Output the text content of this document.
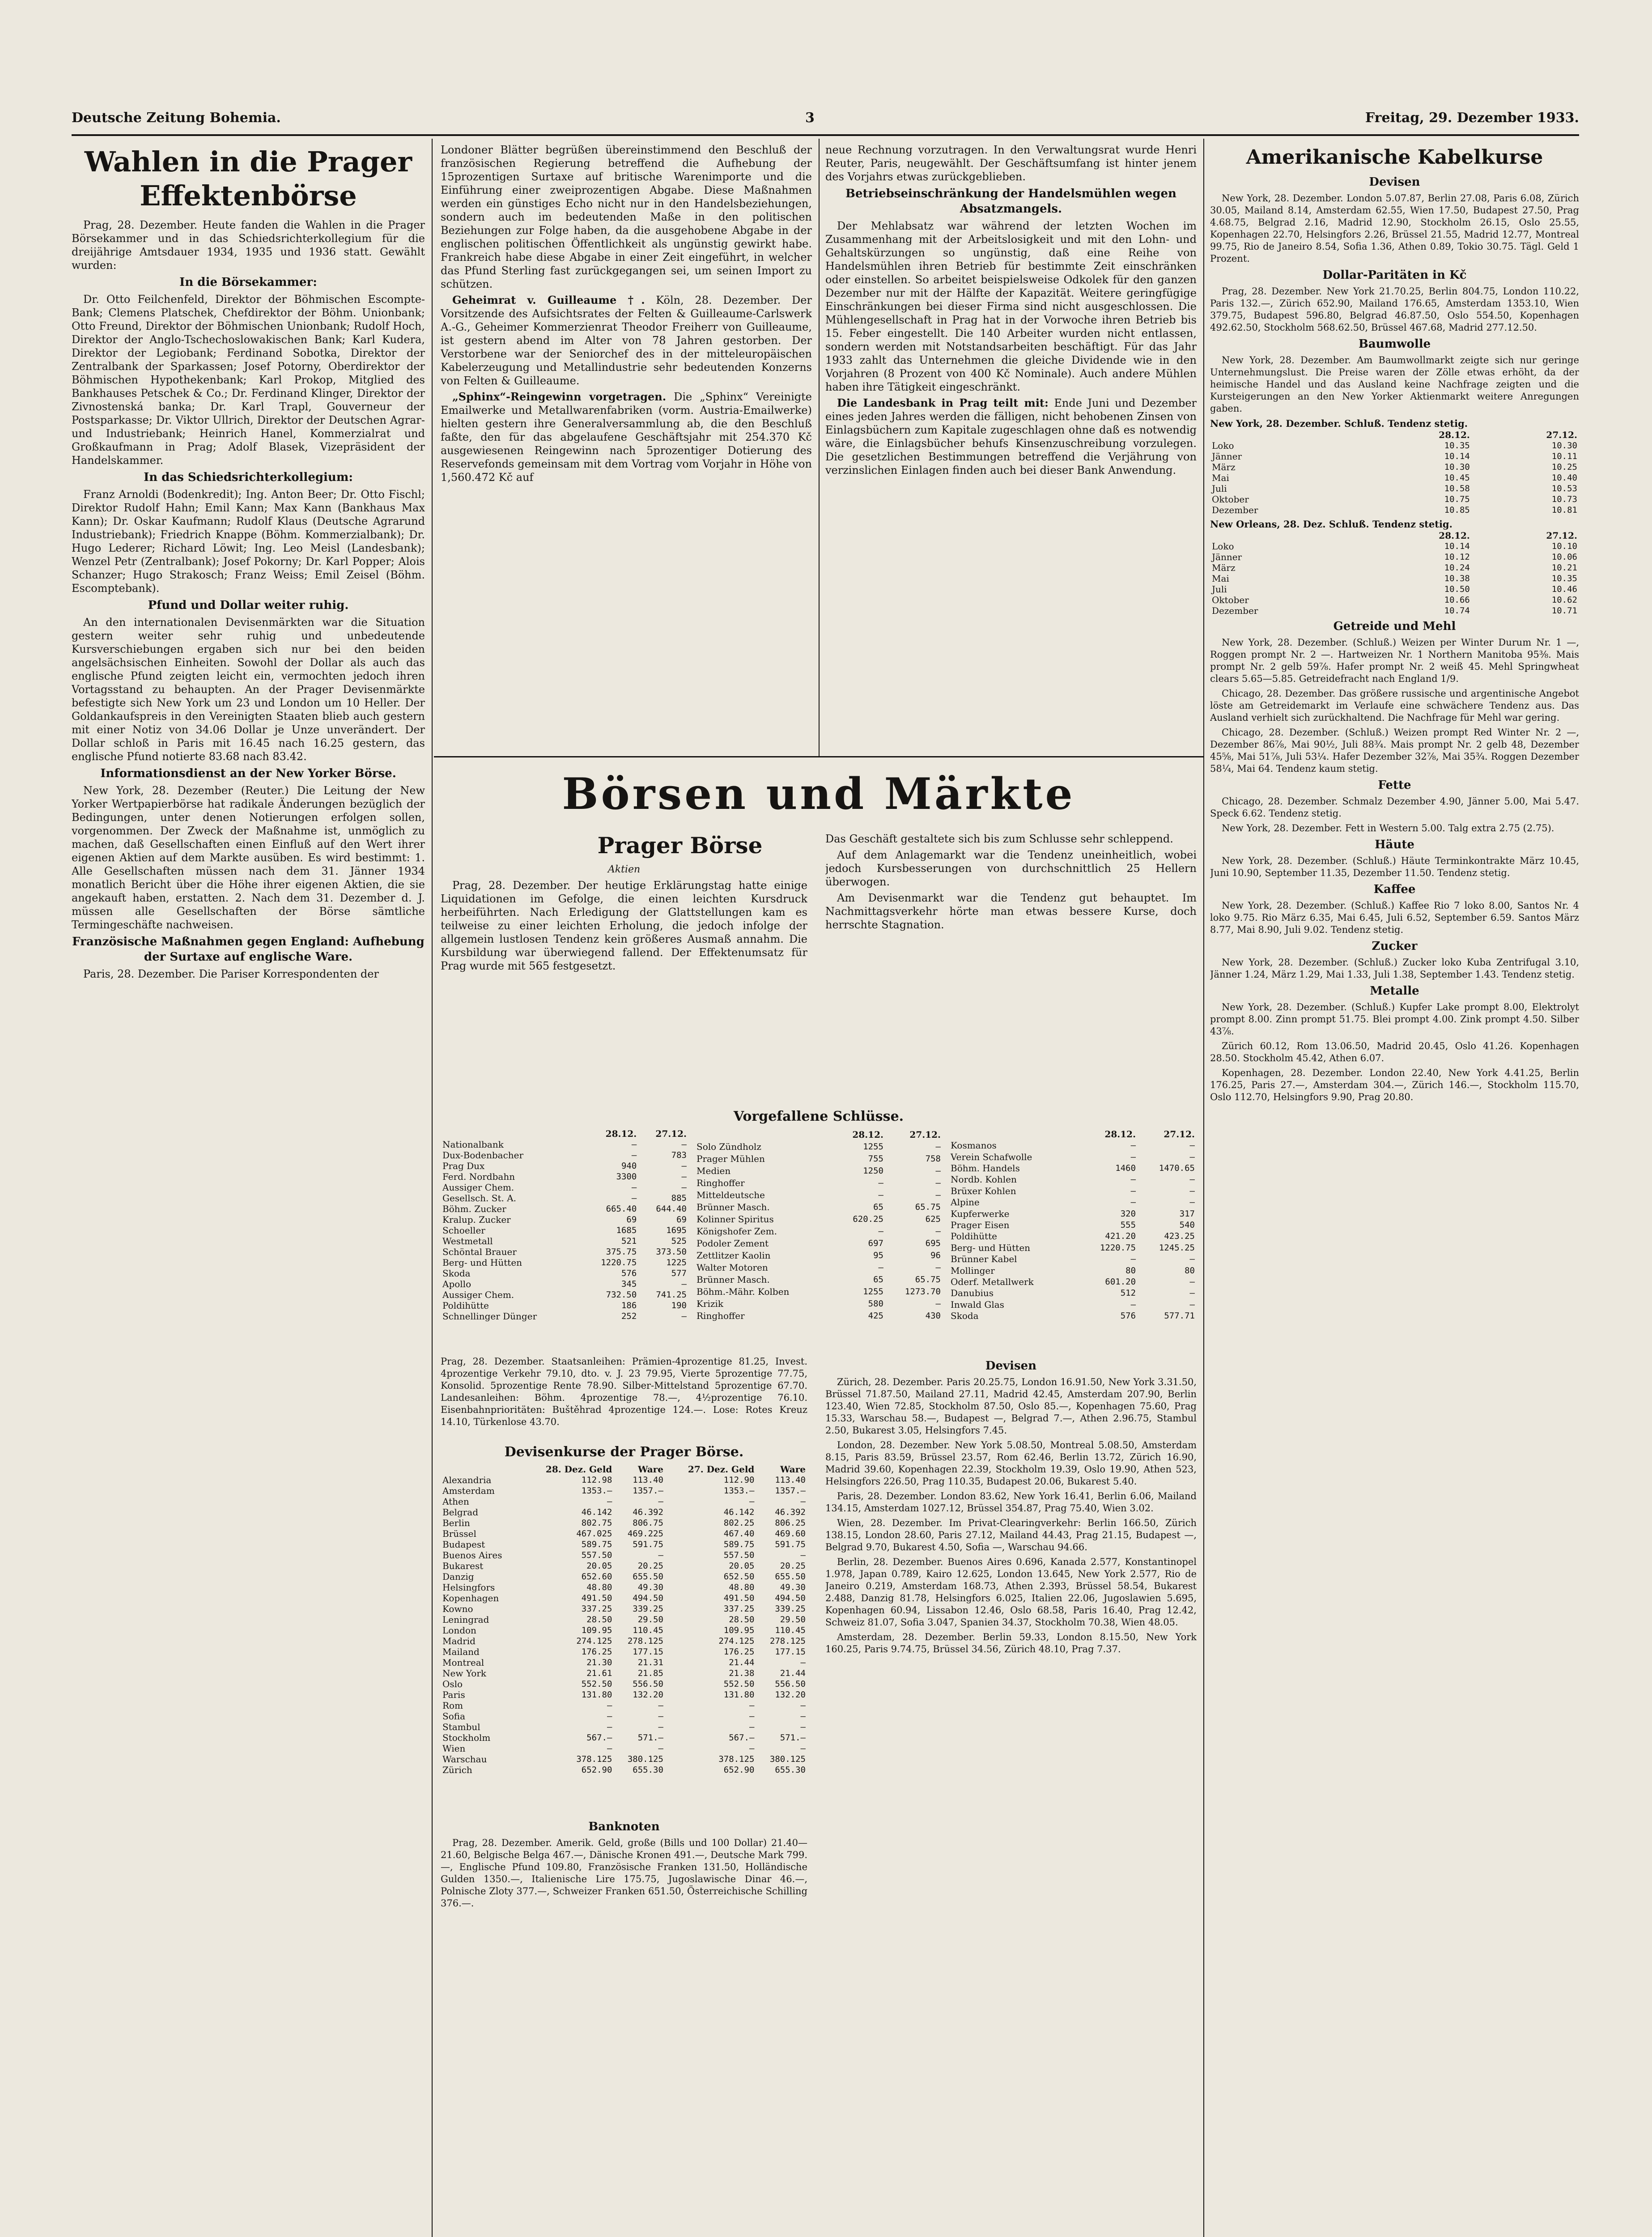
Deutsche Zeitung Bohemia.	3	Freitag, 29. Dezember 1933.
Wahlen in die Prager Effektenbörse

Prag, 28. Dezember. Heute fanden die Wahlen in die Prager Börsekammer und in das Schiedsrichterkollegium für die dreijährige Amtsdauer 1934, 1935 und 1936 statt. Gewählt wurden:

In die Börsekammer:

Dr. Otto Feilchenfeld, Direktor der Böhmischen Escompte-Bank; Clemens Platschek, Chefdirektor der Böhm. Unionbank; Otto Freund, Direktor der Böhmischen Unionbank; Rudolf Hoch, Direktor der Anglo-Tschechoslowakischen Bank; Karl Kudera, Direktor der Legiobank; Ferdinand Sobotka, Direktor der Zentralbank der Sparkassen; Josef Potorny, Oberdirektor der Böhmischen Hypothekenbank; Karl Prokop, Mitglied des Bankhauses Petschek & Co.; Dr. Ferdinand Klinger, Direktor der Zivnostenská banka; Dr. Karl Trapl, Gouverneur der Postsparkasse; Dr. Viktor Ullrich, Direktor der Deutschen Agrar- und Industriebank; Heinrich Hanel, Kommerzialrat und Großkaufmann in Prag; Adolf Blasek, Vizepräsident der Handelskammer.

In das Schiedsrichterkollegium:

Franz Arnoldi (Bodenkredit); Ing. Anton Beer; Dr. Otto Fischl; Direktor Rudolf Hahn; Emil Kann; Max Kann (Bankhaus Max Kann); Dr. Oskar Kaufmann; Rudolf Klaus (Deutsche Agrarund Industriebank); Friedrich Knappe (Böhm. Kommerzialbank); Dr. Hugo Lederer; Richard Löwit; Ing. Leo Meisl (Landesbank); Wenzel Petr (Zentralbank); Josef Pokorny; Dr. Karl Popper; Alois Schanzer; Hugo Strakosch; Franz Weiss; Emil Zeisel (Böhm. Escomptebank).

Pfund und Dollar weiter ruhig.

An den internationalen Devisenmärkten war die Situation gestern weiter sehr ruhig und unbedeutende Kursverschiebungen ergaben sich nur bei den beiden angelsächsischen Einheiten. Sowohl der Dollar als auch das englische Pfund zeigten leicht ein, vermochten jedoch ihren Vortagsstand zu behaupten. An der Prager Devisenmärkte befestigte sich New York um 23 und London um 10 Heller. Der Goldankaufspreis in den Vereinigten Staaten blieb auch gestern mit einer Notiz von 34.06 Dollar je Unze unverändert. Der Dollar schloß in Paris mit 16.45 nach 16.25 gestern, das englische Pfund notierte 83.68 nach 83.42.

Informationsdienst an der New Yorker Börse.

New York, 28. Dezember (Reuter.) Die Leitung der New Yorker Wertpapierbörse hat radikale Änderungen bezüglich der Bedingungen, unter denen Notierungen erfolgen sollen, vorgenommen. Der Zweck der Maßnahme ist, unmöglich zu machen, daß Gesellschaften einen Einfluß auf den Wert ihrer eigenen Aktien auf dem Markte ausüben. Es wird bestimmt: 1. Alle Gesellschaften müssen nach dem 31. Jänner 1934 monatlich Bericht über die Höhe ihrer eigenen Aktien, die sie angekauft haben, erstatten. 2. Nach dem 31. Dezember d. J. müssen alle Gesellschaften der Börse sämtliche Termingeschäfte nachweisen.

Französische Maßnahmen gegen England: Aufhebung der Surtaxe auf englische Ware.

Paris, 28. Dezember. Die Pariser Korrespondenten der

Londoner Blätter begrüßen übereinstimmend den Beschluß der französischen Regierung betreffend die Aufhebung der 15prozentigen Surtaxe auf britische Warenimporte und die Einführung einer zweiprozentigen Abgabe. Diese Maßnahmen werden ein günstiges Echo nicht nur in den Handelsbeziehungen, sondern auch im bedeutenden Maße in den politischen Beziehungen zur Folge haben, da die ausgehobene Abgabe in der englischen politischen Öffentlichkeit als ungünstig gewirkt habe. Frankreich habe diese Abgabe in einer Zeit eingeführt, in welcher das Pfund Sterling fast zurückgegangen sei, um seinen Import zu schützen.

Geheimrat v. Guilleaume †. Köln, 28. Dezember. Der Vorsitzende des Aufsichtsrates der Felten & Guilleaume-Carlswerk A.-G., Geheimer Kommerzienrat Theodor Freiherr von Guilleaume, ist gestern abend im Alter von 78 Jahren gestorben. Der Verstorbene war der Seniorchef des in der mitteleuropäischen Kabelerzeugung und Metallindustrie sehr bedeutenden Konzerns von Felten & Guilleaume.

„Sphinx“-Reingewinn vorgetragen. Die „Sphinx“ Vereinigte Emailwerke und Metallwarenfabriken (vorm. Austria-Emailwerke) hielten gestern ihre Generalversammlung ab, die den Beschluß faßte, den für das abgelaufene Geschäftsjahr mit 254.370 Kč ausgewiesenen Reingewinn nach 5prozentiger Dotierung des Reservefonds gemeinsam mit dem Vortrag vom Vorjahr in Höhe von 1,560.472 Kč auf

neue Rechnung vorzutragen. In den Verwaltungsrat wurde Henri Reuter, Paris, neugewählt. Der Geschäftsumfang ist hinter jenem des Vorjahrs etwas zurückgeblieben.

Betriebseinschränkung der Handelsmühlen wegen Absatzmangels.

Der Mehlabsatz war während der letzten Wochen im Zusammenhang mit der Arbeitslosigkeit und mit den Lohn- und Gehaltskürzungen so ungünstig, daß eine Reihe von Handelsmühlen ihren Betrieb für bestimmte Zeit einschränken oder einstellen. So arbeitet beispielsweise Odkolek für den ganzen Dezember nur mit der Hälfte der Kapazität. Weitere geringfügige Einschränkungen bei dieser Firma sind nicht ausgeschlossen. Die Mühlengesellschaft in Prag hat in der Vorwoche ihren Betrieb bis 15. Feber eingestellt. Die 140 Arbeiter wurden nicht entlassen, sondern werden mit Notstandsarbeiten beschäftigt. Für das Jahr 1933 zahlt das Unternehmen die gleiche Dividende wie in den Vorjahren (8 Prozent von 400 Kč Nominale). Auch andere Mühlen haben ihre Tätigkeit eingeschränkt.

Die Landesbank in Prag teilt mit: Ende Juni und Dezember eines jeden Jahres werden die fälligen, nicht behobenen Zinsen von Einlagsbüchern zum Kapitale zugeschlagen ohne daß es notwendig wäre, die Einlagsbücher behufs Kinsenzuschreibung vorzulegen. Die gesetzlichen Bestimmungen betreffend die Verjährung von verzinslichen Einlagen finden auch bei dieser Bank Anwendung.

Börsen und Märkte
Prager Börse
Aktien

Prag, 28. Dezember. Der heutige Erklärungstag hatte einige Liquidationen im Gefolge, die einen leichten Kursdruck herbeiführten. Nach Erledigung der Glattstellungen kam es teilweise zu einer leichten Erholung, die jedoch infolge der allgemein lustlosen Tendenz kein größeres Ausmaß annahm. Die Kursbildung war überwiegend fallend. Der Effektenumsatz für Prag wurde mit 565 festgesetzt.

Das Geschäft gestaltete sich bis zum Schlusse sehr schleppend.

Auf dem Anlagemarkt war die Tendenz uneinheitlich, wobei jedoch Kursbesserungen von durchschnittlich 25 Hellern überwogen.

Am Devisenmarkt war die Tendenz gut behauptet. Im Nachmittagsverkehr hörte man etwas bessere Kurse, doch herrschte Stagnation.

Vorgefallene Schlüsse.
	28.12.	27.12.
Nationalbank	—	—
Dux-Bodenbacher	—	783
Prag Dux	940	—
Ferd. Nordbahn	3300	—
Aussiger Chem.	—	—
Gesellsch. St. A.	—	885
Böhm. Zucker	665.40	644.40
Kralup. Zucker	69	69
Schoeller	1685	1695
Westmetall	521	525
Schöntal Brauer	375.75	373.50
Berg- und Hütten	1220.75	1225
Skoda	576	577
Apollo	345	—
Aussiger Chem.	732.50	741.25
Poldihütte	186	190
Schnellinger Dünger	252	—
	28.12.	27.12.
Solo Zündholz	1255	—
Prager Mühlen	755	758
Medien	1250	—
Ringhoffer	—	—
Mitteldeutsche	—	—
Brünner Masch.	65	65.75
Kolinner Spiritus	620.25	625
Königshofer Zem.	—	—
Podoler Zement	697	695
Zettlitzer Kaolin	95	96
Walter Motoren	—	—
Brünner Masch.	65	65.75
Böhm.-Mähr. Kolben	1255	1273.70
Krizik	580	—
Ringhoffer	425	430
	28.12.	27.12.
Kosmanos	—	—
Verein Schafwolle	—	—
Böhm. Handels	1460	1470.65
Nordb. Kohlen	—	—
Brüxer Kohlen	—	—
Alpine	—	—
Kupferwerke	320	317
Prager Eisen	555	540
Poldihütte	421.20	423.25
Berg- und Hütten	1220.75	1245.25
Brünner Kabel	—	—
Mollinger	80	80
Oderf. Metallwerk	601.20	—
Danubius	512	—
Inwald Glas	—	—
Skoda	576	577.71

Prag, 28. Dezember. Staatsanleihen: Prämien-4prozentige 81.25, Invest. 4prozentige Verkehr 79.10, dto. v. J. 23 79.95, Vierte 5prozentige 77.75, Konsolid. 5prozentige Rente 78.90. Silber-Mittelstand 5prozentige 67.70. Landesanleihen: Böhm. 4prozentige 78.—, 4½prozentige 76.10. Eisenbahnprioritäten: Buštěhrad 4prozentige 124.—. Lose: Rotes Kreuz 14.10, Türkenlose 43.70.

Devisenkurse der Prager Börse.
	28. Dez. Geld	Ware	27. Dez. Geld	Ware
Alexandria	112.98	113.40	112.90	113.40
Amsterdam	1353.—	1357.—	1353.—	1357.—
Athen	—	—	—	—
Belgrad	46.142	46.392	46.142	46.392
Berlin	802.75	806.75	802.25	806.25
Brüssel	467.025	469.225	467.40	469.60
Budapest	589.75	591.75	589.75	591.75
Buenos Aires	557.50	—	557.50	—
Bukarest	20.05	20.25	20.05	20.25
Danzig	652.60	655.50	652.50	655.50
Helsingfors	48.80	49.30	48.80	49.30
Kopenhagen	491.50	494.50	491.50	494.50
Kowno	337.25	339.25	337.25	339.25
Leningrad	28.50	29.50	28.50	29.50
London	109.95	110.45	109.95	110.45
Madrid	274.125	278.125	274.125	278.125
Mailand	176.25	177.15	176.25	177.15
Montreal	21.30	21.31	21.44	—
New York	21.61	21.85	21.38	21.44
Oslo	552.50	556.50	552.50	556.50
Paris	131.80	132.20	131.80	132.20
Rom	—	—	—	—
Sofia	—	—	—	—
Stambul	—	—	—	—
Stockholm	567.—	571.—	567.—	571.—
Wien	—	—	—	—
Warschau	378.125	380.125	378.125	380.125
Zürich	652.90	655.30	652.90	655.30
Banknoten

Prag, 28. Dezember. Amerik. Geld, große (Bills und 100 Dollar) 21.40—21.60, Belgische Belga 467.—, Dänische Kronen 491.—, Deutsche Mark 799.—, Englische Pfund 109.80, Französische Franken 131.50, Holländische Gulden 1350.—, Italienische Lire 175.75, Jugoslawische Dinar 46.—, Polnische Zloty 377.—, Schweizer Franken 651.50, Österreichische Schilling 376.—.

Devisen

Zürich, 28. Dezember. Paris 20.25.75, London 16.91.50, New York 3.31.50, Brüssel 71.87.50, Mailand 27.11, Madrid 42.45, Amsterdam 207.90, Berlin 123.40, Wien 72.85, Stockholm 87.50, Oslo 85.—, Kopenhagen 75.60, Prag 15.33, Warschau 58.—, Budapest —, Belgrad 7.—, Athen 2.96.75, Stambul 2.50, Bukarest 3.05, Helsingfors 7.45.

London, 28. Dezember. New York 5.08.50, Montreal 5.08.50, Amsterdam 8.15, Paris 83.59, Brüssel 23.57, Rom 62.46, Berlin 13.72, Zürich 16.90, Madrid 39.60, Kopenhagen 22.39, Stockholm 19.39, Oslo 19.90, Athen 523, Helsingfors 226.50, Prag 110.35, Budapest 20.06, Bukarest 5.40.

Paris, 28. Dezember. London 83.62, New York 16.41, Berlin 6.06, Mailand 134.15, Amsterdam 1027.12, Brüssel 354.87, Prag 75.40, Wien 3.02.

Wien, 28. Dezember. Im Privat-Clearingverkehr: Berlin 166.50, Zürich 138.15, London 28.60, Paris 27.12, Mailand 44.43, Prag 21.15, Budapest —, Belgrad 9.70, Bukarest 4.50, Sofia —, Warschau 94.66.

Berlin, 28. Dezember. Buenos Aires 0.696, Kanada 2.577, Konstantinopel 1.978, Japan 0.789, Kairo 12.625, London 13.645, New York 2.577, Rio de Janeiro 0.219, Amsterdam 168.73, Athen 2.393, Brüssel 58.54, Bukarest 2.488, Danzig 81.78, Helsingfors 6.025, Italien 22.06, Jugoslawien 5.695, Kopenhagen 60.94, Lissabon 12.46, Oslo 68.58, Paris 16.40, Prag 12.42, Schweiz 81.07, Sofia 3.047, Spanien 34.37, Stockholm 70.38, Wien 48.05.

Amsterdam, 28. Dezember. Berlin 59.33, London 8.15.50, New York 160.25, Paris 9.74.75, Brüssel 34.56, Zürich 48.10, Prag 7.37.

Amerikanische Kabelkurse
Devisen

New York, 28. Dezember. London 5.07.87, Berlin 27.08, Paris 6.08, Zürich 30.05, Mailand 8.14, Amsterdam 62.55, Wien 17.50, Budapest 27.50, Prag 4.68.75, Belgrad 2.16, Madrid 12.90, Stockholm 26.15, Oslo 25.55, Kopenhagen 22.70, Helsingfors 2.26, Brüssel 21.55, Madrid 12.77, Montreal 99.75, Rio de Janeiro 8.54, Sofia 1.36, Athen 0.89, Tokio 30.75. Tägl. Geld 1 Prozent.

Dollar-Paritäten in Kč

Prag, 28. Dezember. New York 21.70.25, Berlin 804.75, London 110.22, Paris 132.—, Zürich 652.90, Mailand 176.65, Amsterdam 1353.10, Wien 379.75, Budapest 596.80, Belgrad 46.87.50, Oslo 554.50, Kopenhagen 492.62.50, Stockholm 568.62.50, Brüssel 467.68, Madrid 277.12.50.

Baumwolle

New York, 28. Dezember. Am Baumwollmarkt zeigte sich nur geringe Unternehmungslust. Die Preise waren der Zölle etwas erhöht, da der heimische Handel und das Ausland keine Nachfrage zeigten und die Kursteigerungen an den New Yorker Aktienmarkt weitere Anregungen gaben.

New York, 28. Dezember. Schluß. Tendenz stetig.
	28.12.	27.12.
Loko	10.35	10.30
Jänner	10.14	10.11
März	10.30	10.25
Mai	10.45	10.40
Juli	10.58	10.53
Oktober	10.75	10.73
Dezember	10.85	10.81
New Orleans, 28. Dez. Schluß. Tendenz stetig.
	28.12.	27.12.
Loko	10.14	10.10
Jänner	10.12	10.06
März	10.24	10.21
Mai	10.38	10.35
Juli	10.50	10.46
Oktober	10.66	10.62
Dezember	10.74	10.71
Getreide und Mehl

New York, 28. Dezember. (Schluß.) Weizen per Winter Durum Nr. 1 —, Roggen prompt Nr. 2 —. Hartweizen Nr. 1 Northern Manitoba 95⅜. Mais prompt Nr. 2 gelb 59⅞. Hafer prompt Nr. 2 weiß 45. Mehl Springwheat clears 5.65—5.85. Getreidefracht nach England 1/9.

Chicago, 28. Dezember. Das größere russische und argentinische Angebot löste am Getreidemarkt im Verlaufe eine schwächere Tendenz aus. Das Ausland verhielt sich zurückhaltend. Die Nachfrage für Mehl war gering.

Chicago, 28. Dezember. (Schluß.) Weizen prompt Red Winter Nr. 2 —, Dezember 86⅞, Mai 90½, Juli 88¾. Mais prompt Nr. 2 gelb 48, Dezember 45⅝, Mai 51⅞, Juli 53¼. Hafer Dezember 32⅞, Mai 35¾. Roggen Dezember 58¼, Mai 64. Tendenz kaum stetig.

Fette

Chicago, 28. Dezember. Schmalz Dezember 4.90, Jänner 5.00, Mai 5.47. Speck 6.62. Tendenz stetig.

New York, 28. Dezember. Fett in Western 5.00. Talg extra 2.75 (2.75).

Häute

New York, 28. Dezember. (Schluß.) Häute Terminkontrakte März 10.45, Juni 10.90, September 11.35, Dezember 11.50. Tendenz stetig.

Kaffee

New York, 28. Dezember. (Schluß.) Kaffee Rio 7 loko 8.00, Santos Nr. 4 loko 9.75. Rio März 6.35, Mai 6.45, Juli 6.52, September 6.59. Santos März 8.77, Mai 8.90, Juli 9.02. Tendenz stetig.

Zucker

New York, 28. Dezember. (Schluß.) Zucker loko Kuba Zentrifugal 3.10, Jänner 1.24, März 1.29, Mai 1.33, Juli 1.38, September 1.43. Tendenz stetig.

Metalle

New York, 28. Dezember. (Schluß.) Kupfer Lake prompt 8.00, Elektrolyt prompt 8.00. Zinn prompt 51.75. Blei prompt 4.00. Zink prompt 4.50. Silber 43⅞.

Zürich 60.12, Rom 13.06.50, Madrid 20.45, Oslo 41.26. Kopenhagen 28.50. Stockholm 45.42, Athen 6.07.

Kopenhagen, 28. Dezember. London 22.40, New York 4.41.25, Berlin 176.25, Paris 27.—, Amsterdam 304.—, Zürich 146.—, Stockholm 115.70, Oslo 112.70, Helsingfors 9.90, Prag 20.80.
